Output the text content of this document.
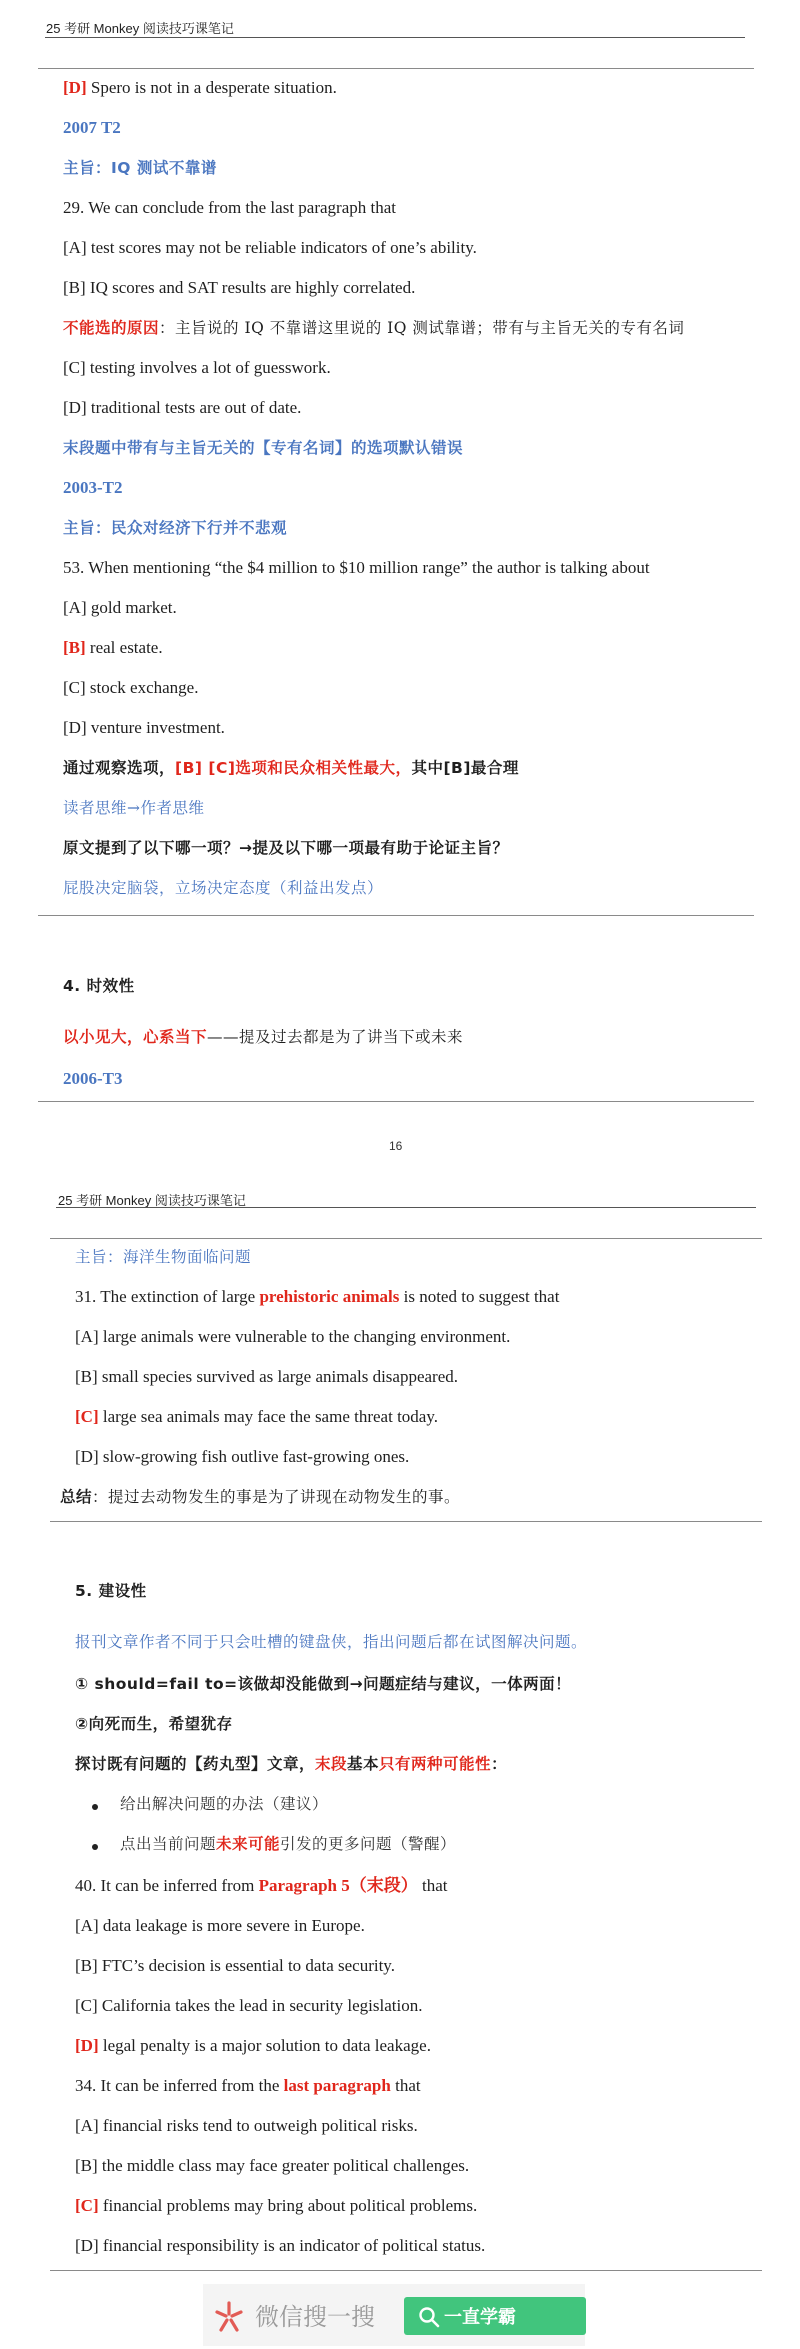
25 考研 Monkey 阅读技巧课笔记
[D] Spero is not in a desperate situation.
2007 T2
主旨：IQ 测试不靠谱
29. We can conclude from the last paragraph that
[A] test scores may not be reliable indicators of one’s ability.
[B] IQ scores and SAT results are highly correlated.
不能选的原因：主旨说的 IQ 不靠谱这里说的 IQ 测试靠谱；带有与主旨无关的专有名词
[C] testing involves a lot of guesswork.
[D] traditional tests are out of date.
末段题中带有与主旨无关的【专有名词】的选项默认错误
2003-T2
主旨：民众对经济下行并不悲观
53. When mentioning “the $4 million to $10 million range” the author is talking about
[A] gold market.
[B] real estate.
[C] stock exchange.
[D] venture investment.
通过观察选项，[B] [C]选项和民众相关性最大，其中[B]最合理
读者思维→作者思维
原文提到了以下哪一项？→提及以下哪一项最有助于论证主旨？
屁股决定脑袋，立场决定态度（利益出发点）
4. 时效性
以小见大，心系当下——提及过去都是为了讲当下或未来
2006-T3
16
25 考研 Monkey 阅读技巧课笔记
主旨：海洋生物面临问题
31. The extinction of large prehistoric animals is noted to suggest that
[A] large animals were vulnerable to the changing environment.
[B] small species survived as large animals disappeared.
[C] large sea animals may face the same threat today.
[D] slow-growing fish outlive fast-growing ones.
总结：提过去动物发生的事是为了讲现在动物发生的事。
5. 建设性
报刊文章作者不同于只会吐槽的键盘侠，指出问题后都在试图解决问题。
① should=fail to=该做却没能做到→问题症结与建议，一体两面！
②向死而生，希望犹存
探讨既有问题的【药丸型】文章，末段基本只有两种可能性：
给出解决问题的办法（建议）
点出当前问题未来可能引发的更多问题（警醒）
40. It can be inferred from Paragraph 5（末段） that
[A] data leakage is more severe in Europe.
[B] FTC’s decision is essential to data security.
[C] California takes the lead in security legislation.
[D] legal penalty is a major solution to data leakage.
34. It can be inferred from the last paragraph that
[A] financial risks tend to outweigh political risks.
[B] the middle class may face greater political challenges.
[C] financial problems may bring about political problems.
[D] financial responsibility is an indicator of political status.
微信搜一搜	一直学霸
